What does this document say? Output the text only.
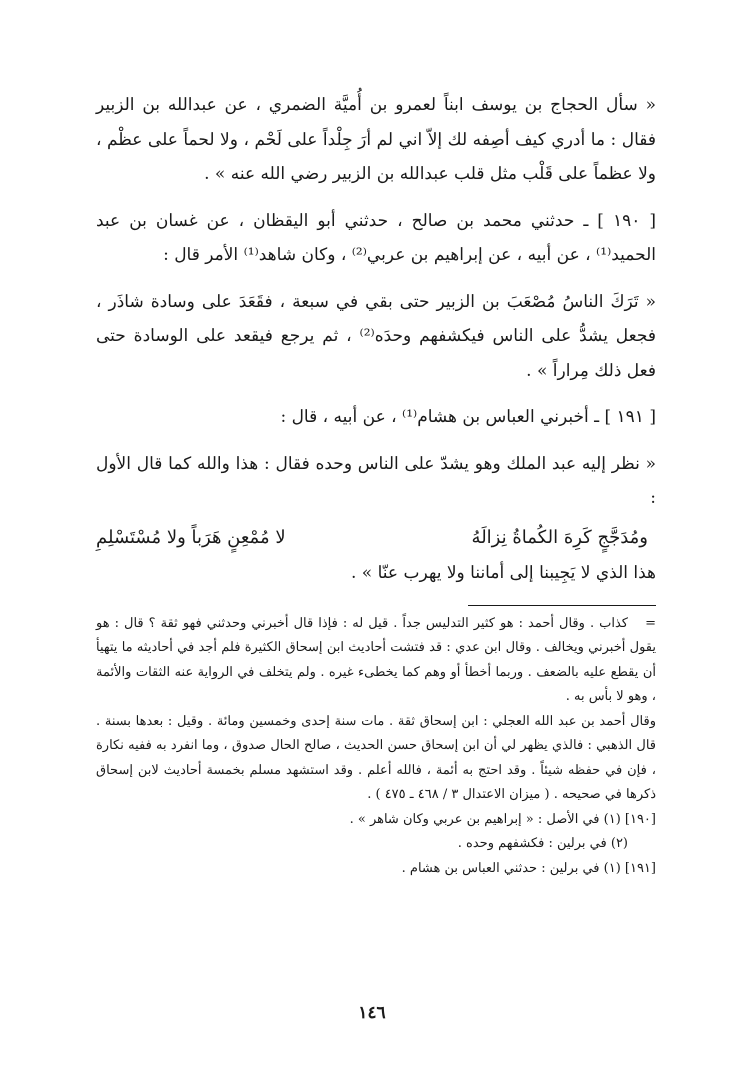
« سأل الحجاج بن يوسف ابناً لعمرو بن أُميَّة الضمري ، عن عبدالله بن الزبير فقال : ما أدري كيف أصِفه لك إلاّ اني لم أرَ جِلْداً على لَحْم ، ولا لحماً على عظْم ، ولا عظماً على قَلْب مثل قلب عبدالله بن الزبير رضي الله عنه » .

[ ١٩٠ ] ـ حدثني محمد بن صالح ، حدثني أبو اليقظان ، عن غسان بن عبد الحميد⁽¹⁾ ، عن أبيه ، عن إبراهيم بن عربي⁽²⁾ ، وكان شاهد⁽¹⁾ الأمر قال :

« تَرَكَ الناسُ مُصْعَبَ بن الزبير حتى بقي في سبعة ، فقَعَدَ على وسادة شاذَر ، فجعل يشدُّ على الناس فيكشفهم وحدَه⁽²⁾ ، ثم يرجع فيقعد على الوسادة حتى فعل ذلك مِراراً » .

[ ١٩١ ] ـ أخبرني العباس بن هشام⁽¹⁾ ، عن أبيه ، قال :

« نظر إليه عبد الملك وهو يشدّ على الناس وحده فقال : هذا والله كما قال الأول :

ومُدَجَّجٍ كَرِهَ الكُماةُ نِزالَهُ
لا مُمْعِنٍ هَرَباً ولا مُسْتَسْلِمِ

هذا الذي لا يَجِيبنا إلى أماننا ولا يهرب عنّا » .

=كذاب . وقال أحمد : هو كثير التدليس جداً . قيل له : فإذا قال أخبرني وحدثني فهو ثقة ؟ قال : هو يقول أخبرني ويخالف . وقال ابن عدي : قد فتشت أحاديث ابن إسحاق الكثيرة فلم أجد في أحاديثه ما يتهيأ أن يقطع عليه بالضعف . وربما أخطأ أو وهم كما يخطىء غيره . ولم يتخلف في الرواية عنه الثقات والأئمة ، وهو لا بأس به .

وقال أحمد بن عبد الله العجلي : ابن إسحاق ثقة . مات سنة إحدى وخمسين ومائة . وقيل : بعدها بسنة . قال الذهبي : فالذي يظهر لي أن ابن إسحاق حسن الحديث ، صالح الحال صدوق ، وما انفرد به ففيه نكارة ، فإن في حفظه شيئاً . وقد احتج به أئمة ، فالله أعلم . وقد استشهد مسلم بخمسة أحاديث لابن إسحاق ذكرها في صحيحه . ( ميزان الاعتدال ٣ / ٤٦٨ ـ ٤٧٥ ) .

[١٩٠] (١) في الأصل : « إبراهيم بن عربي وكان شاهر » .

(٢) في برلين : فكشفهم وحده .

[١٩١] (١) في برلين : حدثني العباس بن هشام .

١٤٦
